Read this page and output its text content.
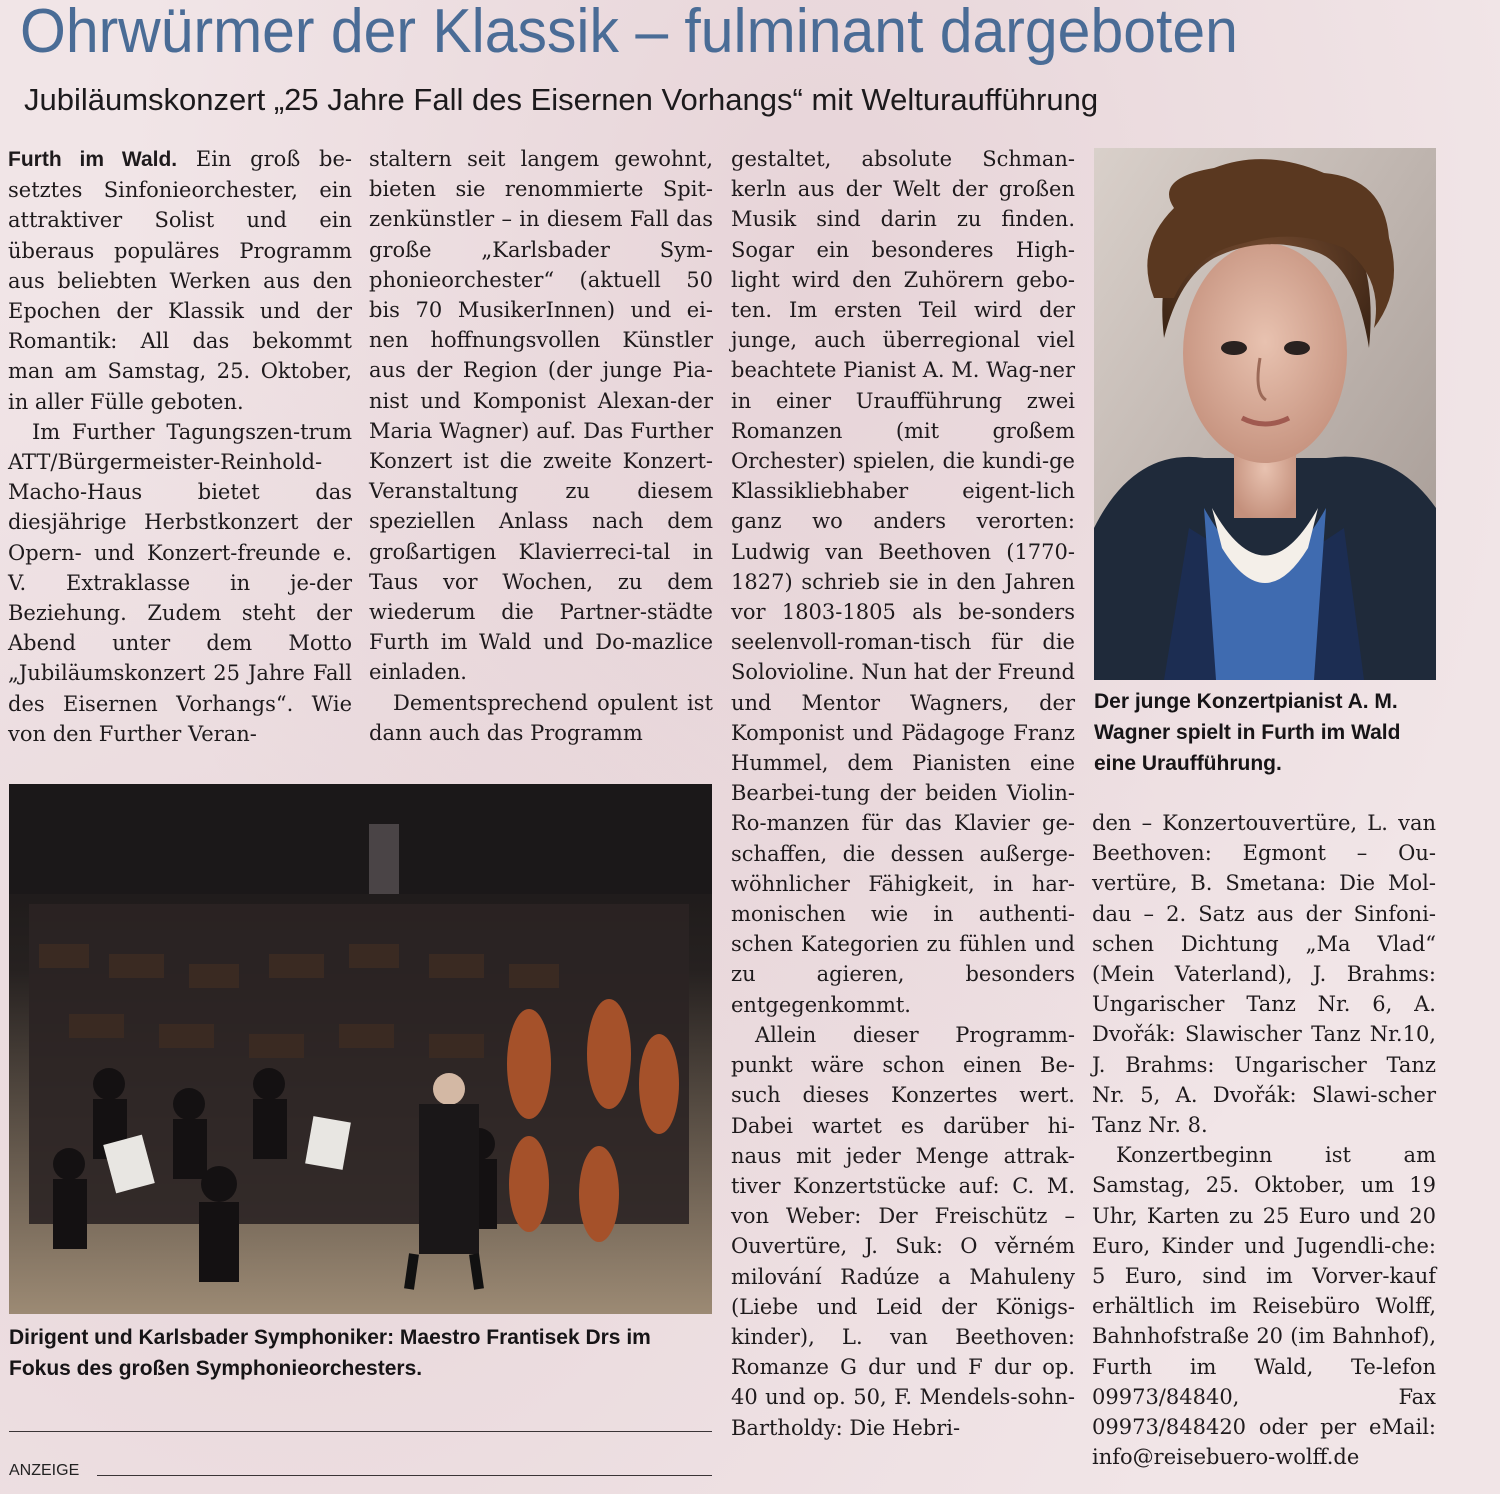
Ohrwürmer der Klassik – fulminant dargeboten
Jubiläumskonzert „25 Jahre Fall des Eisernen Vorhangs“ mit Welturaufführung

Furth im Wald. Ein groß be-setztes Sinfonieorchester, ein attraktiver Solist und ein überaus populäres Programm aus beliebten Werken aus den Epochen der Klassik und der Romantik: All das bekommt man am Samstag, 25. Oktober, in aller Fülle geboten.

Im Further Tagungszen-trum ATT/Bürgermeister-Reinhold-Macho-Haus bietet das diesjährige Herbstkonzert der Opern- und Konzert-freunde e. V. Extraklasse in je-der Beziehung. Zudem steht der Abend unter dem Motto „Jubiläumskonzert 25 Jahre Fall des Eisernen Vorhangs“. Wie von den Further Veran-

staltern seit langem gewohnt, bieten sie renommierte Spit-zenkünstler – in diesem Fall das große „Karlsbader Sym-phonieorchester“ (aktuell 50 bis 70 MusikerInnen) und ei-nen hoffnungsvollen Künstler aus der Region (der junge Pia-nist und Komponist Alexan-der Maria Wagner) auf. Das Further Konzert ist die zweite Konzert-Veranstaltung zu diesem speziellen Anlass nach dem großartigen Klavierreci-tal in Taus vor Wochen, zu dem wiederum die Partner-städte Furth im Wald und Do-mazlice einladen.

Dementsprechend opulent ist dann auch das Programm

gestaltet, absolute Schman-kerln aus der Welt der großen Musik sind darin zu finden. Sogar ein besonderes High-light wird den Zuhörern gebo-ten. Im ersten Teil wird der junge, auch überregional viel beachtete Pianist A. M. Wag-ner in einer Uraufführung zwei Romanzen (mit großem Orchester) spielen, die kundi-ge Klassikliebhaber eigent-lich ganz wo anders verorten: Ludwig van Beethoven (1770-1827) schrieb sie in den Jahren vor 1803-1805 als be-sonders seelenvoll-roman-tisch für die Solovioline. Nun hat der Freund und Mentor Wagners, der Komponist und Pädagoge Franz Hummel, dem Pianisten eine Bearbei-tung der beiden Violin-Ro-manzen für das Klavier ge-schaffen, die dessen außerge-wöhnlicher Fähigkeit, in har-monischen wie in authenti-schen Kategorien zu fühlen und zu agieren, besonders entgegenkommt.

Allein dieser Programm-punkt wäre schon einen Be-such dieses Konzertes wert. Dabei wartet es darüber hi-naus mit jeder Menge attrak-tiver Konzertstücke auf: C. M. von Weber: Der Freischütz – Ouvertüre, J. Suk: O věrném milování Radúze a Mahuleny (Liebe und Leid der Königs-kinder), L. van Beethoven: Romanze G dur und F dur op. 40 und op. 50, F. Mendels-sohn-Bartholdy: Die Hebri-

den – Konzertouvertüre, L. van Beethoven: Egmont – Ou-vertüre, B. Smetana: Die Mol-dau – 2. Satz aus der Sinfoni-schen Dichtung „Ma Vlad“ (Mein Vaterland), J. Brahms: Ungarischer Tanz Nr. 6, A. Dvořák: Slawischer Tanz Nr.10, J. Brahms: Ungarischer Tanz Nr. 5, A. Dvořák: Slawi-scher Tanz Nr. 8.

Konzertbeginn ist am Samstag, 25. Oktober, um 19 Uhr, Karten zu 25 Euro und 20 Euro, Kinder und Jugendli-che: 5 Euro, sind im Vorver-kauf erhältlich im Reisebüro Wolff, Bahnhofstraße 20 (im Bahnhof), Furth im Wald, Te-lefon 09973/84840, Fax 09973/848420 oder per eMail: info@reisebuero-wolff.de

Der junge Konzertpianist A. M. Wagner spielt in Furth im Wald eine Uraufführung.
Dirigent und Karlsbader Symphoniker: Maestro Frantisek Drs im Fokus des großen Symphonieorchesters.
ANZEIGE
